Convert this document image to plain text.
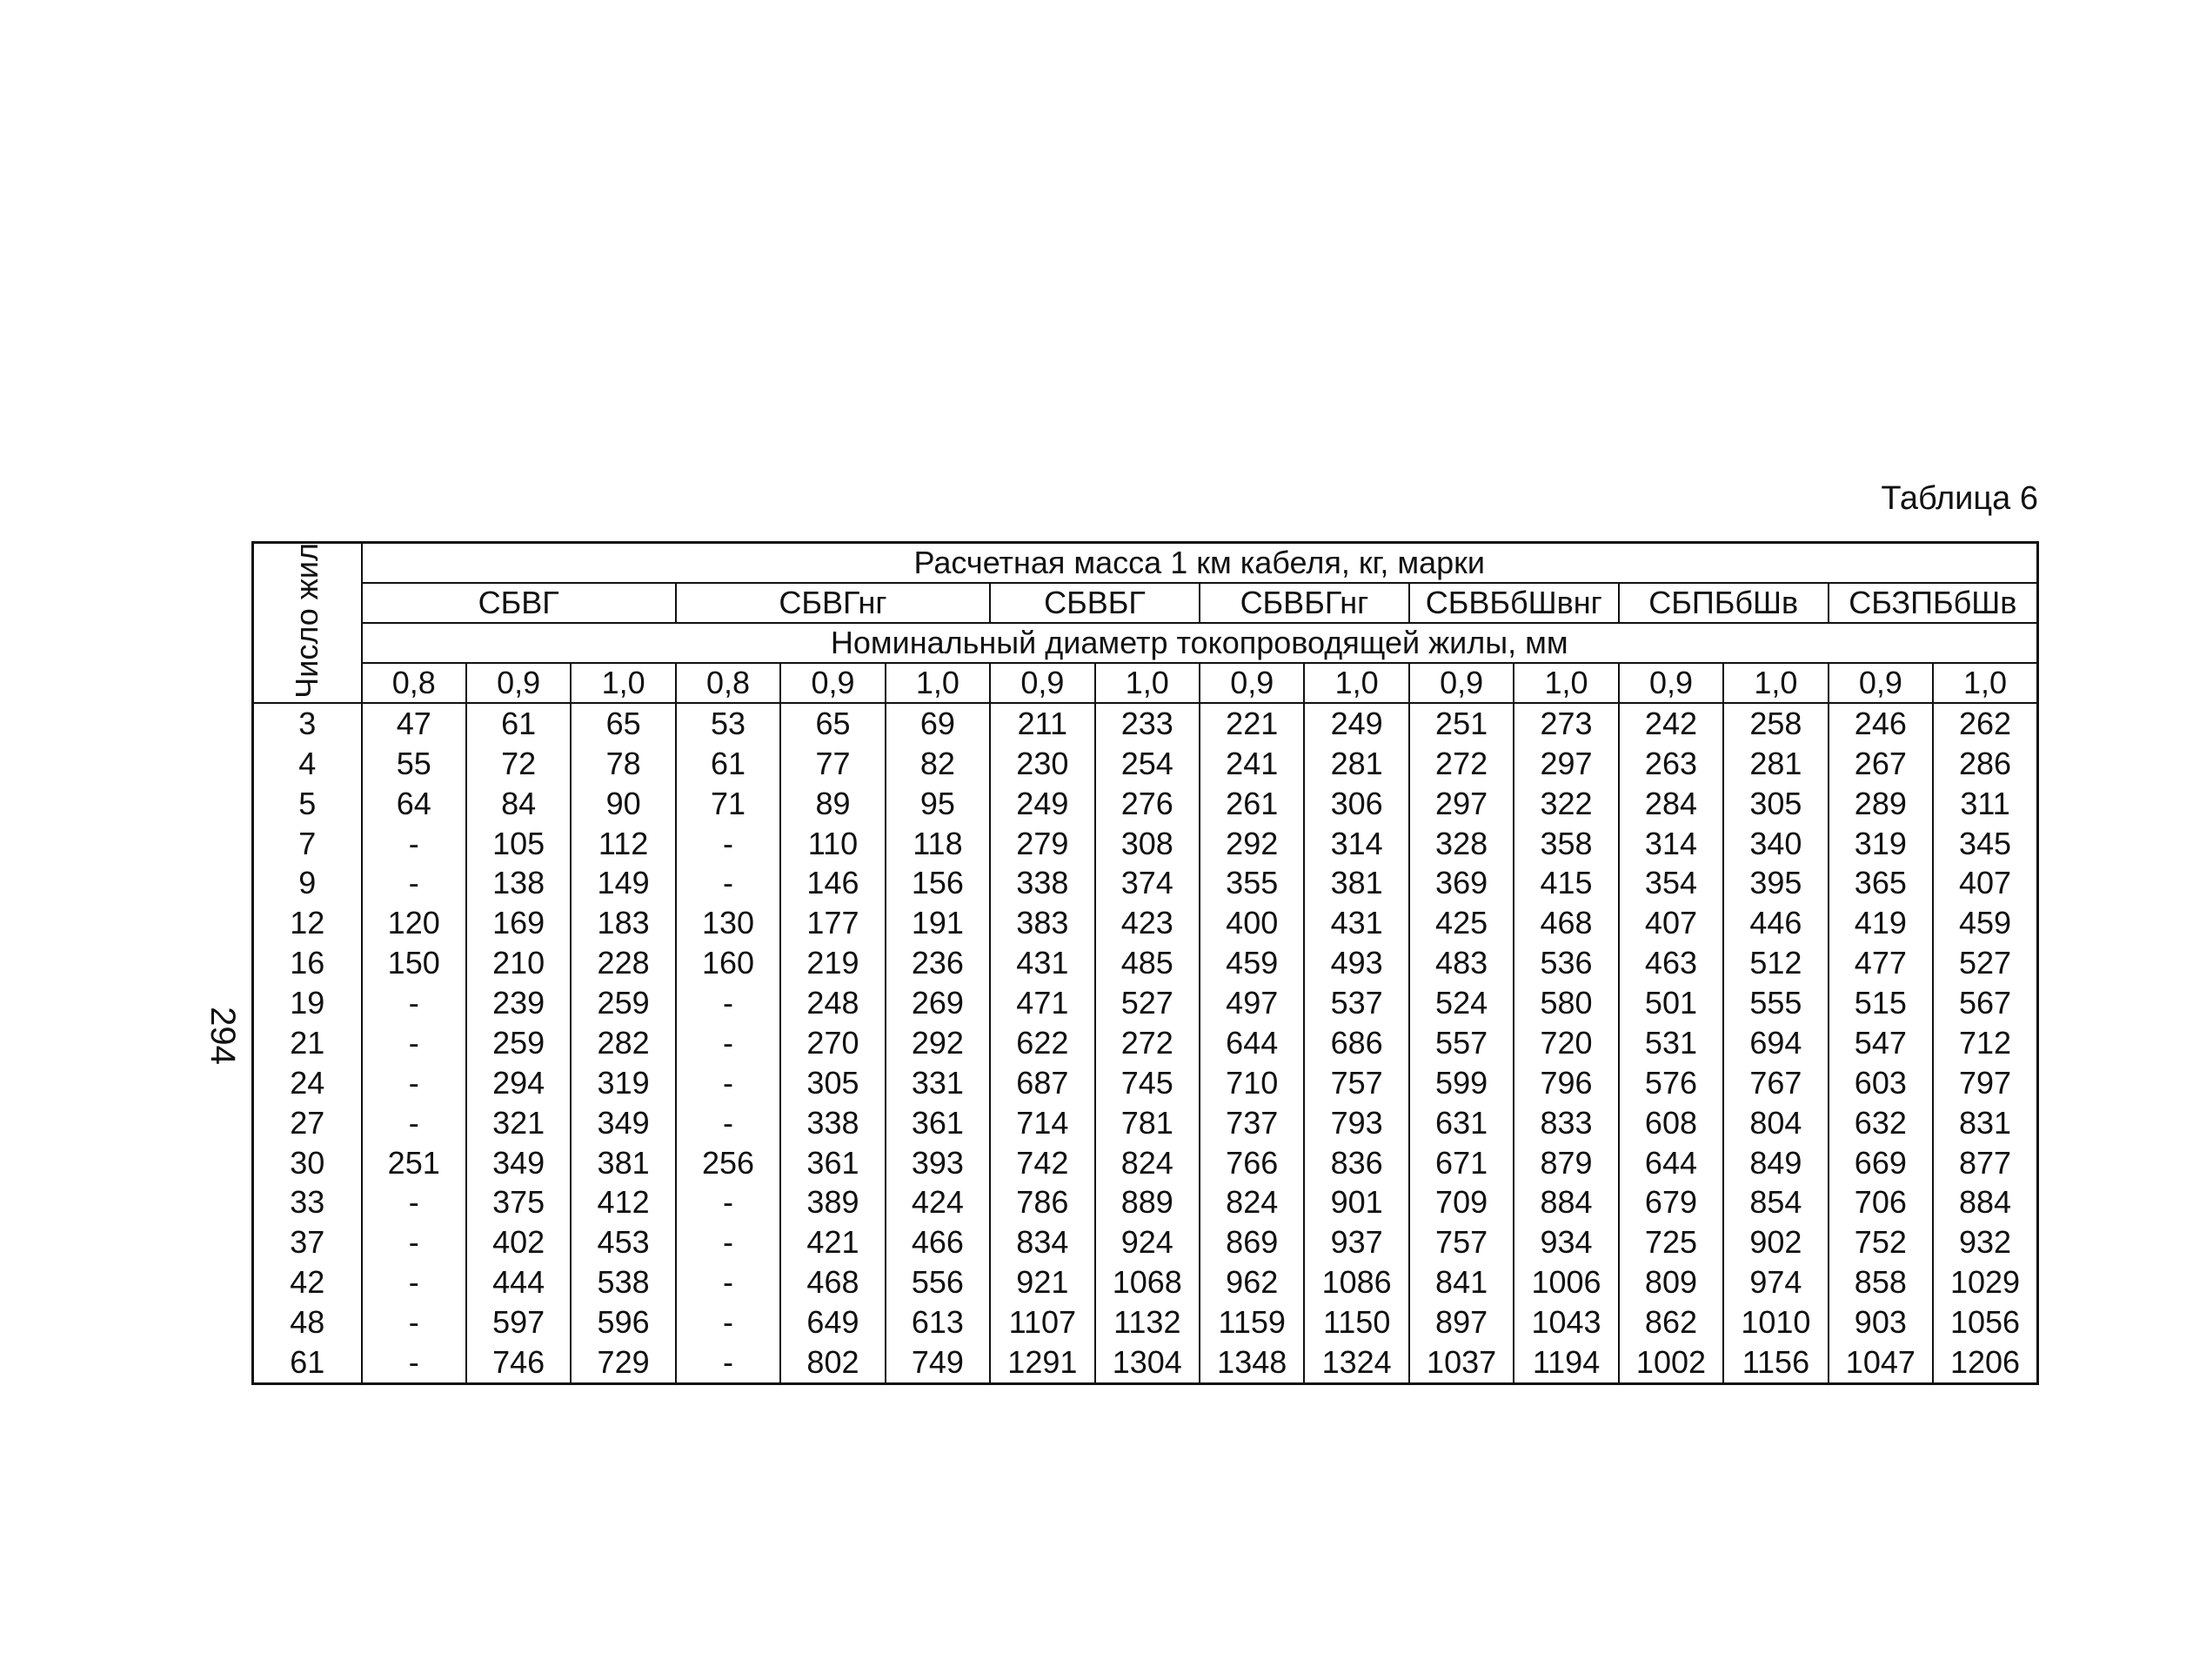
Таблица 6
294
Число жил	Расчетная масса 1 км кабеля, кг, марки															
	СБВГ			СБВГнг			СБВБГ		СБВБГнг		СБВБбШвнг		СБПБбШв		СБЗПБбШв	
	Номинальный диаметр токопроводящей жилы, мм															
	0,8	0,9	1,0	0,8	0,9	1,0	0,9	1,0	0,9	1,0	0,9	1,0	0,9	1,0	0,9	1,0
3	47	61	65	53	65	69	211	233	221	249	251	273	242	258	246	262
4	55	72	78	61	77	82	230	254	241	281	272	297	263	281	267	286
5	64	84	90	71	89	95	249	276	261	306	297	322	284	305	289	311
7	-	105	112	-	110	118	279	308	292	314	328	358	314	340	319	345
9	-	138	149	-	146	156	338	374	355	381	369	415	354	395	365	407
12	120	169	183	130	177	191	383	423	400	431	425	468	407	446	419	459
16	150	210	228	160	219	236	431	485	459	493	483	536	463	512	477	527
19	-	239	259	-	248	269	471	527	497	537	524	580	501	555	515	567
21	-	259	282	-	270	292	622	272	644	686	557	720	531	694	547	712
24	-	294	319	-	305	331	687	745	710	757	599	796	576	767	603	797
27	-	321	349	-	338	361	714	781	737	793	631	833	608	804	632	831
30	251	349	381	256	361	393	742	824	766	836	671	879	644	849	669	877
33	-	375	412	-	389	424	786	889	824	901	709	884	679	854	706	884
37	-	402	453	-	421	466	834	924	869	937	757	934	725	902	752	932
42	-	444	538	-	468	556	921	1068	962	1086	841	1006	809	974	858	1029
48	-	597	596	-	649	613	1107	1132	1159	1150	897	1043	862	1010	903	1056
61	-	746	729	-	802	749	1291	1304	1348	1324	1037	1194	1002	1156	1047	1206
